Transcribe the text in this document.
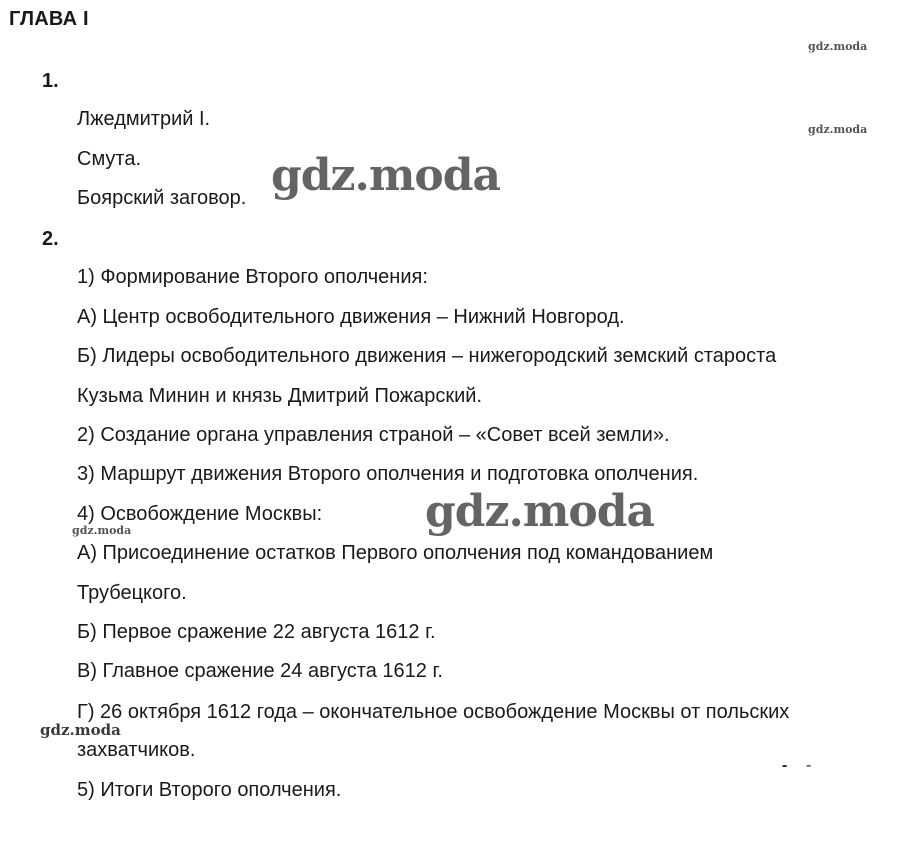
ГЛАВА I
1.
Лжедмитрий I.
Смута.
Боярский заговор.
2.
1) Формирование Второго ополчения:
А) Центр освободительного движения – Нижний Новгород.
Б) Лидеры освободительного движения – нижегородский земский староста
Кузьма Минин и князь Дмитрий Пожарский.
2) Создание органа управления страной – «Совет всей земли».
3) Маршрут движения Второго ополчения и подготовка ополчения.
4) Освобождение Москвы:
А) Присоединение остатков Первого ополчения под командованием
Трубецкого.
Б) Первое сражение 22 августа 1612 г.
В) Главное сражение 24 августа 1612 г.
Г) 26 октября 1612 года – окончательное освобождение Москвы от польских
захватчиков.
5) Итоги Второго ополчения.
gdz.moda
gdz.moda
gdz.moda
gdz.moda
gdz.moda
gdz.moda
- -
